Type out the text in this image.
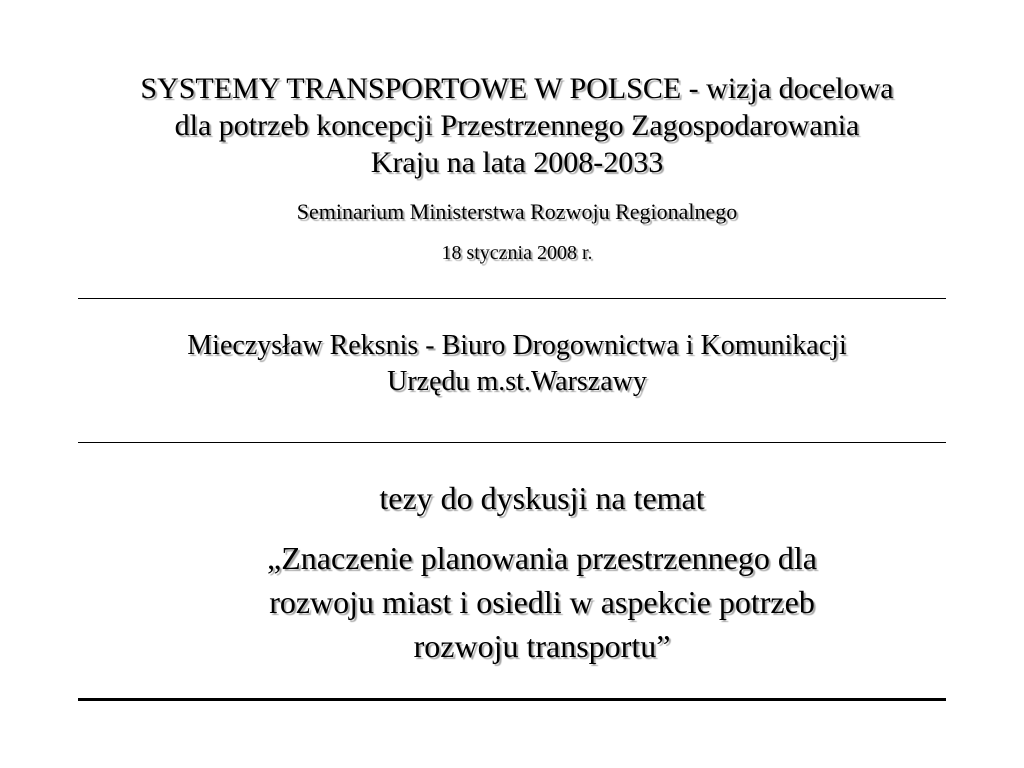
SYSTEMY TRANSPORTOWE W POLSCE - wizja docelowa
dla potrzeb koncepcji Przestrzennego Zagospodarowania
Kraju na lata 2008-2033
Seminarium Ministerstwa Rozwoju Regionalnego
18 stycznia 2008 r.
Mieczysław Reksnis - Biuro Drogownictwa i Komunikacji
Urzędu m.st.Warszawy
tezy do dyskusji na temat
„Znaczenie planowania przestrzennego dla
rozwoju miast i osiedli w aspekcie potrzeb
rozwoju transportu”
